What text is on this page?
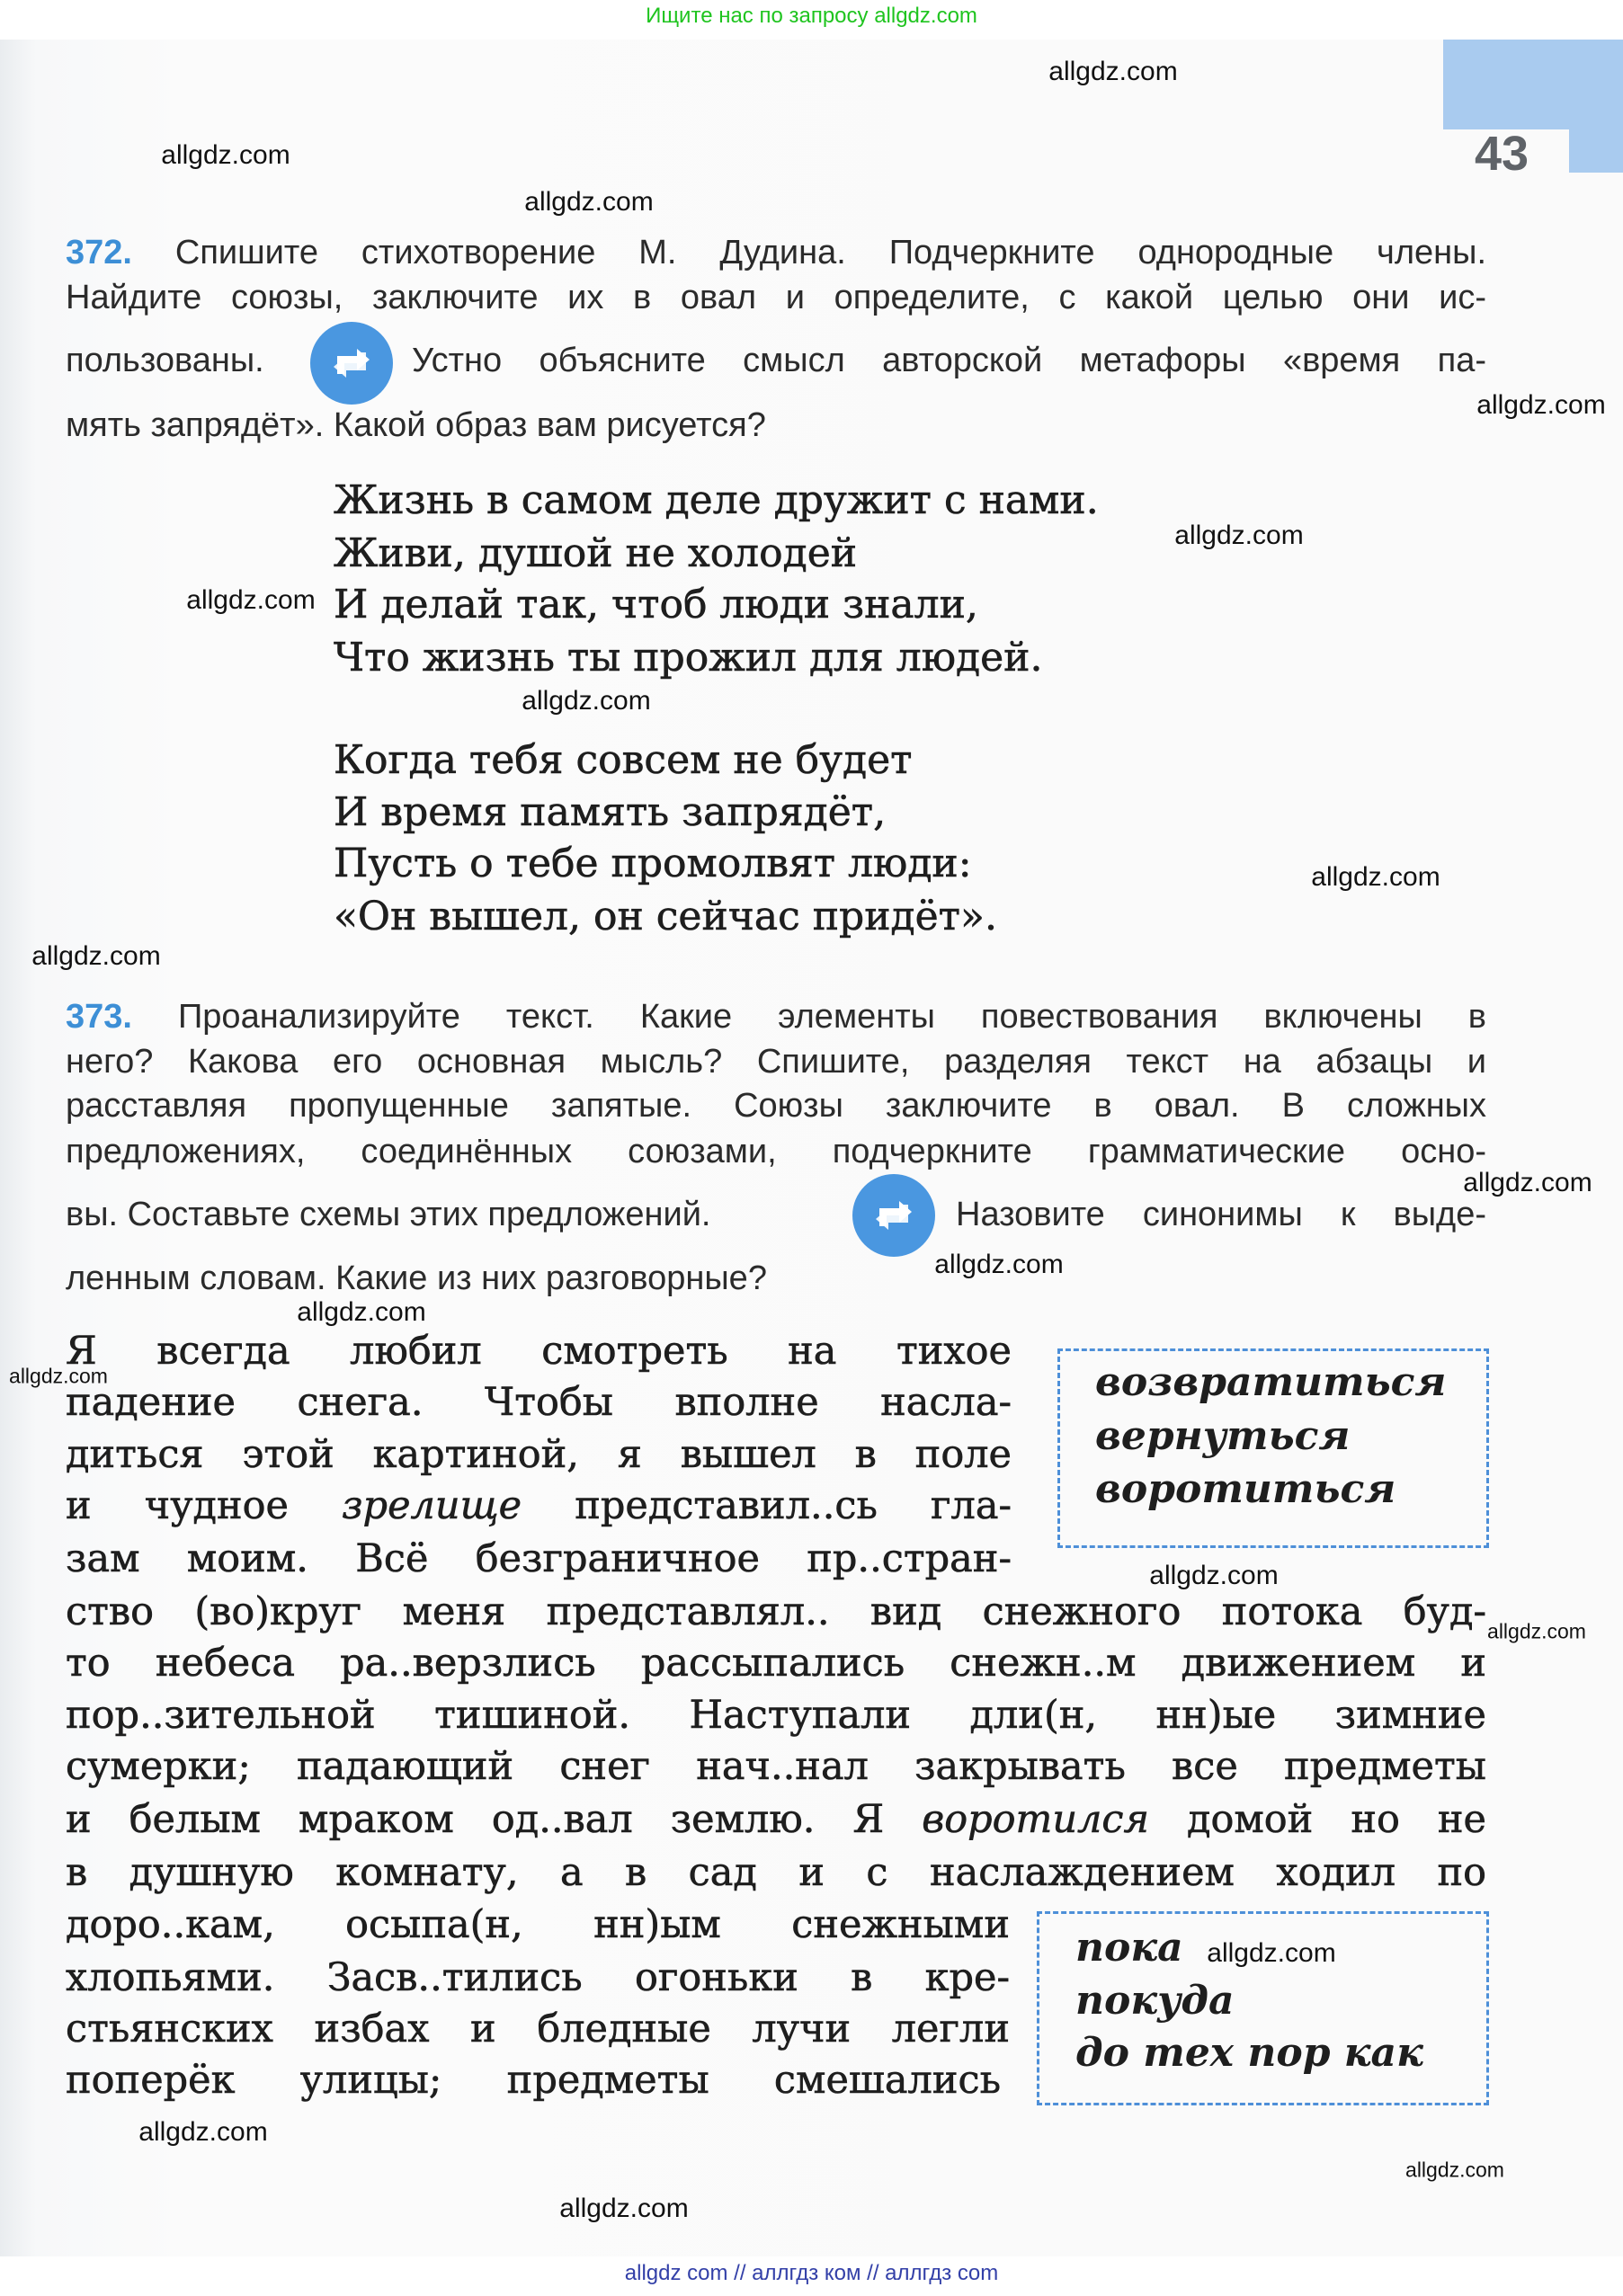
Ищите нас по запросу allgdz.com
43
372. Спишите стихотворение М. Дудина. Подчеркните однородные члены.
Найдите союзы, заключите их в овал и определите, с какой целью они ис-
пользованы.	Устно объясните смысл авторской метафоры «время па-
мять запрядёт». Какой образ вам рисуется?
Жизнь в самом деле дружит с нами.
Живи, душой не холодей
И делай так, чтоб люди знали,
Что жизнь ты прожил для людей.
Когда тебя совсем не будет
И время память запрядёт,
Пусть о тебе промолвят люди:
«Он вышел, он сейчас придёт».
373. Проанализируйте текст. Какие элементы повествования включены в
него? Какова его основная мысль? Спишите, разделяя текст на абзацы и
расставляя пропущенные запятые. Союзы заключите в овал. В сложных
предложениях, соединённых союзами, подчеркните грамматические осно-
вы. Составьте схемы этих предложений.	Назовите синонимы к выде-
ленным словам. Какие из них разговорные?
Я всегда любил смотреть на тихое
падение снега. Чтобы вполне насла-
диться этой картиной, я вышел в поле
и чудное зрелище представил..сь гла-
зам моим. Всё безграничное пр..стран-
ство (во)круг меня представлял.. вид снежного потока буд-
то небеса ра..верзлись рассыпались снежн..м движением и
пор..зительной тишиной. Наступали дли(н, нн)ые зимние
сумерки; падающий снег нач..нал закрывать все предметы
и белым мраком од..вал землю. Я воротился домой но не
в душную комнату, а в сад и с наслаждением ходил по
доро..кам, осыпа(н, нн)ым снежными
хлопьями. Засв..тились огоньки в кре-
стьянских избах и бледные лучи легли
поперёк улицы; предметы смешались
возвратиться
вернуться
воротиться
пока
покуда
до тех пор как
allgdz.com
allgdz.com
allgdz.com
allgdz.com
allgdz.com
allgdz.com
allgdz.com
allgdz.com
allgdz.com
allgdz.com
allgdz.com
allgdz.com
allgdz.com
allgdz.com
allgdz.com
allgdz.com
allgdz.com
allgdz.com
allgdz.com
allgdz com // аллгдз ком // аллгдз com
